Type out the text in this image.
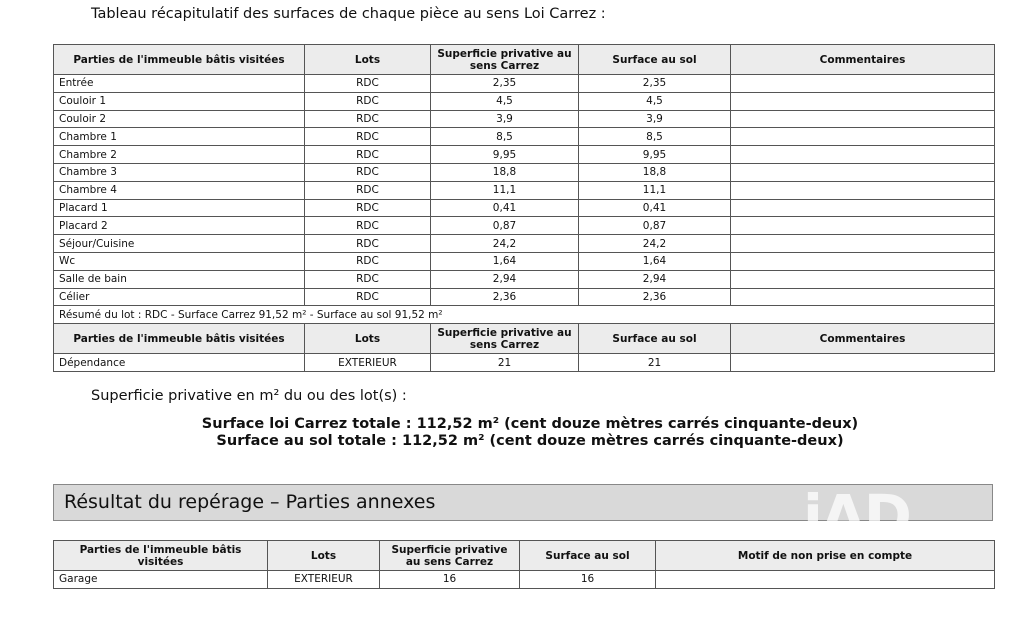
Tableau récapitulatif des surfaces de chaque pièce au sens Loi Carrez :
Parties de l'immeuble bâtis visitées	Lots	Superficie privative au sens Carrez	Surface au sol	Commentaires
Entrée	RDC	2,35	2,35	
Couloir 1	RDC	4,5	4,5	
Couloir 2	RDC	3,9	3,9	
Chambre 1	RDC	8,5	8,5	
Chambre 2	RDC	9,95	9,95	
Chambre 3	RDC	18,8	18,8	
Chambre 4	RDC	11,1	11,1	
Placard 1	RDC	0,41	0,41	
Placard 2	RDC	0,87	0,87	
Séjour/Cuisine	RDC	24,2	24,2	
Wc	RDC	1,64	1,64	
Salle de bain	RDC	2,94	2,94	
Célier	RDC	2,36	2,36	
Résumé du lot : RDC - Surface Carrez 91,52 m² - Surface au sol 91,52 m²				
Parties de l'immeuble bâtis visitées	Lots	Superficie privative au sens Carrez	Surface au sol	Commentaires
Dépendance	EXTERIEUR	21	21	
Superficie privative en m² du ou des lot(s) :
Surface loi Carrez totale : 112,52 m² (cent douze mètres carrés cinquante-deux)
Surface au sol totale : 112,52 m² (cent douze mètres carrés cinquante-deux)
Résultat du repérage – Parties annexes
Parties de l'immeuble bâtis visitées	Lots	Superficie privative au sens Carrez	Surface au sol	Motif de non prise en compte
Garage	EXTERIEUR	16	16	
iAD
